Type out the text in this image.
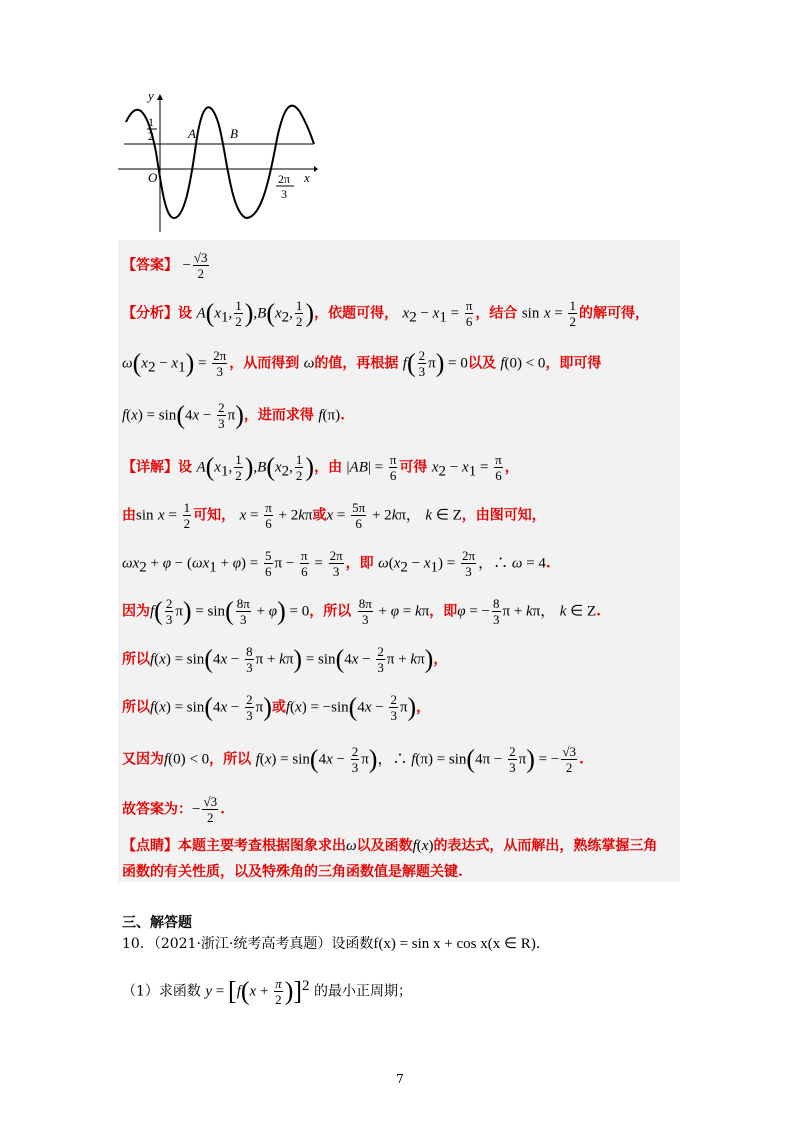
y
1
2	A	B
O	x
2π
3
【答案】 − $\frac{√3}{2}$
【分析】设 $A(x_1$, $\frac{1}{2} ),B(x_2$, $\frac{1}{2}$ )，依题可得， $x_2 - x_1 = \frac{\pi}{6}$ ，结合 $\sin x = \frac{1}{2}$ 的解可得，
$\omega(x_2 - x_1) = \frac{2\pi}{3}$ ，从而得到 ω的值，再根据 $f( \frac{2}{3} \pi) = 0$以及 f(0) < 0，即可得
$f(x) = \sin(4x - \frac{2}{3} \pi)$，进而求得 f(π).
【详解】设 $A(x_1$, $\frac{1}{2} ),B(x_2$, $\frac{1}{2}$ )，由 $|AB| = \frac{\pi}{6}$ 可得 $x_2 - x_1 = \frac{\pi}{6}$ ，
由$\sin x = \frac{1}{2}$ 可知， $x = \frac{\pi}{6} + 2k\pi$或$x = \frac{5\pi}{6} + 2k\pi$， k ∈ Z，由图可知，
$\omega x_2 + \varphi - (\omega x_1 + \varphi) = \frac{5}{6}$ $\pi - \frac{\pi}{6} = \frac{2\pi}{3}$ ，即 $\omega(x_2 - x_1) = \frac{2\pi}{3}$ ，∴ ω = 4.
因为$f( \frac{2}{3} \pi) = \sin( \frac{8\pi}{3} + \varphi) = 0$，所以 $\frac{8\pi}{3} + \varphi = k\pi$，即φ = − $\frac{8}{3}$ π + kπ， k ∈ Z.
所以$f(x) = \sin(4x - \frac{8}{3}$ $\pi + k\pi) = \sin(4x - \frac{2}{3}$ π + kπ)，
所以$f(x) = \sin(4x - \frac{2}{3} \pi)$或$f(x) = -\sin(4x - \frac{2}{3} \pi)$，
又因为f(0) < 0，所以 $f(x) = \sin(4x - \frac{2}{3} \pi)$，∴ $f(\pi) = \sin(4\pi - \frac{2}{3} \pi)$ = − $\frac{√3}{2}$ .
故答案为：− $\frac{√3}{2}$ .
【点睛】本题主要考查根据图象求出ω以及函数f(x)的表达式，从而解出，熟练掌握三角
函数的有关性质，以及特殊角的三角函数值是解题关键.
三、解答题
10．（2021·浙江·统考高考真题）设函数f(x) = sin x + cos x(x ∈ R).
（1）求函数 $y = [f(x + \frac{\pi}{2} )]^2$ 的最小正周期；
7
